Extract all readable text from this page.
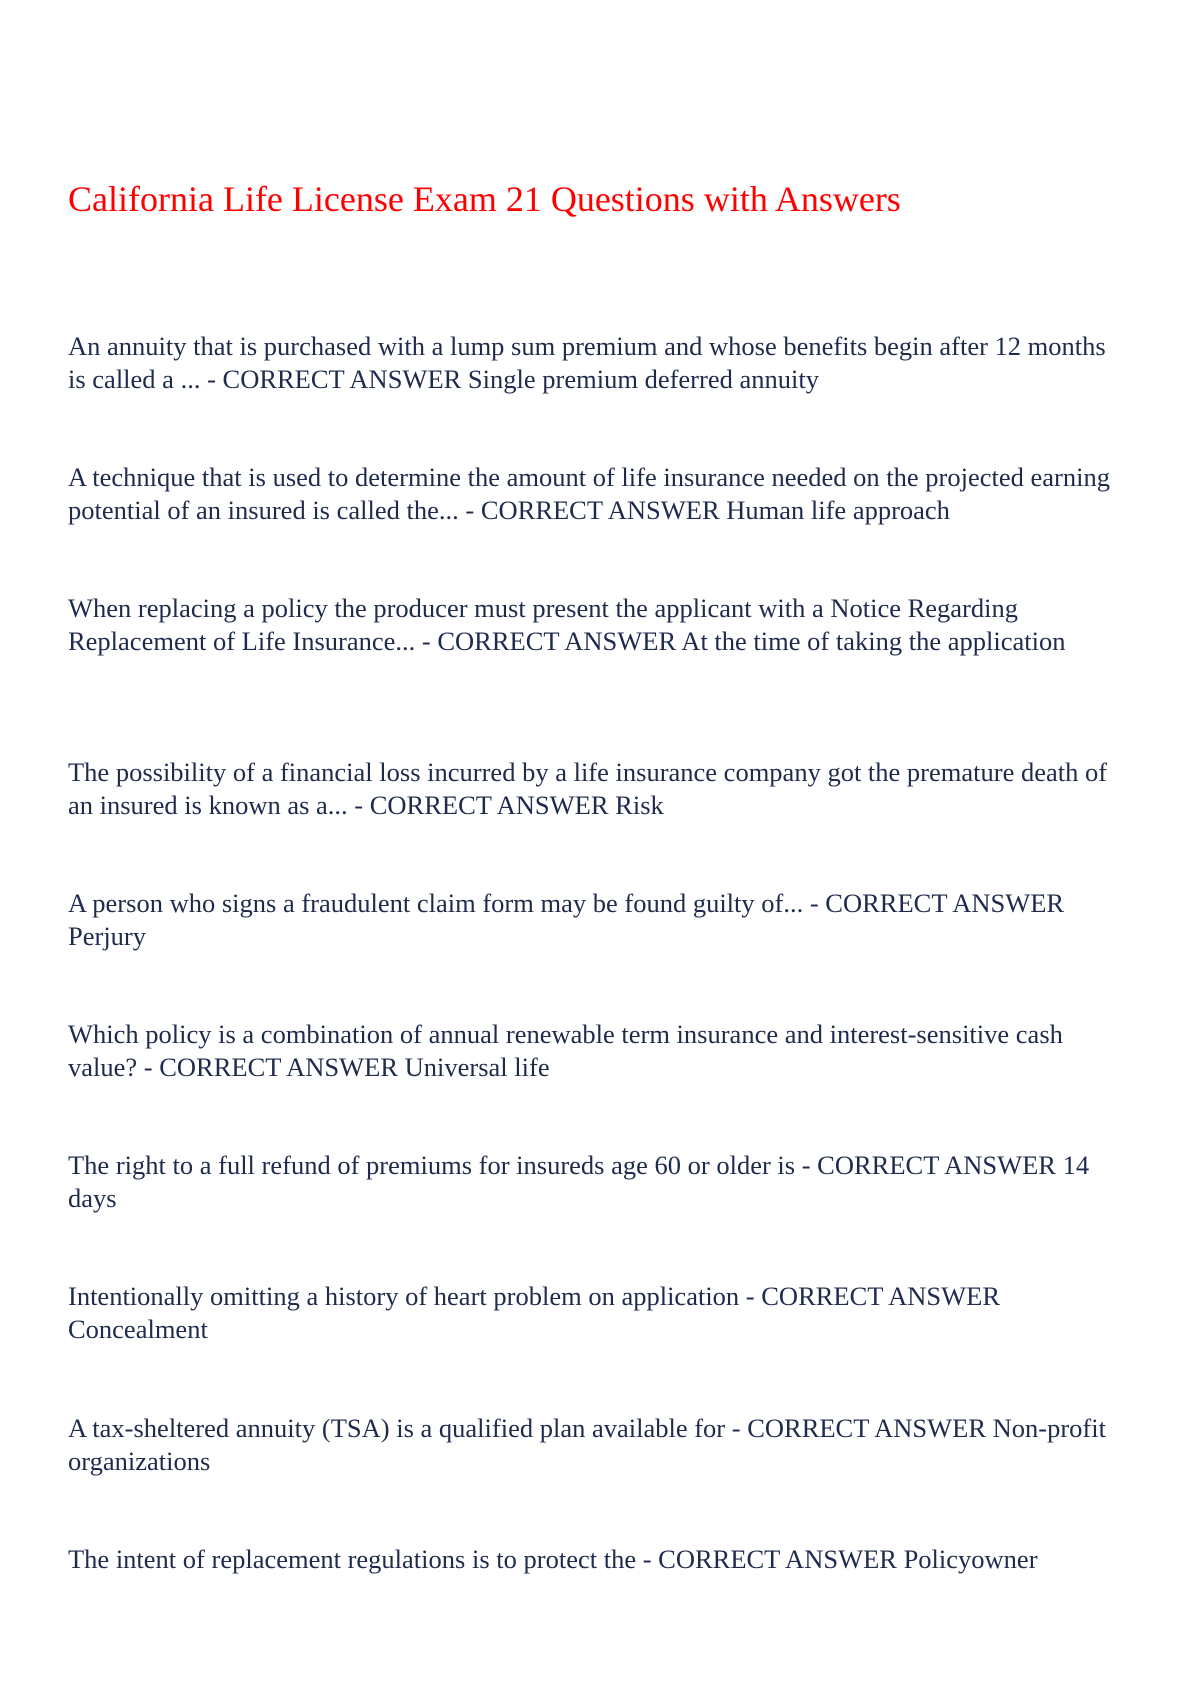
California Life License Exam 21 Questions with Answers

An annuity that is purchased with a lump sum premium and whose benefits begin after 12 months is called a ... - CORRECT ANSWER Single premium deferred annuity

A technique that is used to determine the amount of life insurance needed on the projected earning potential of an insured is called the... - CORRECT ANSWER Human life approach

When replacing a policy the producer must present the applicant with a Notice Regarding Replacement of Life Insurance... - CORRECT ANSWER At the time of taking the application

The possibility of a financial loss incurred by a life insurance company got the premature death of an insured is known as a... - CORRECT ANSWER Risk

A person who signs a fraudulent claim form may be found guilty of... - CORRECT ANSWER Perjury

Which policy is a combination of annual renewable term insurance and interest-sensitive cash value? - CORRECT ANSWER Universal life

The right to a full refund of premiums for insureds age 60 or older is - CORRECT ANSWER 14 days

Intentionally omitting a history of heart problem on application - CORRECT ANSWER Concealment

A tax-sheltered annuity (TSA) is a qualified plan available for - CORRECT ANSWER Non-profit organizations

The intent of replacement regulations is to protect the - CORRECT ANSWER Policyowner
